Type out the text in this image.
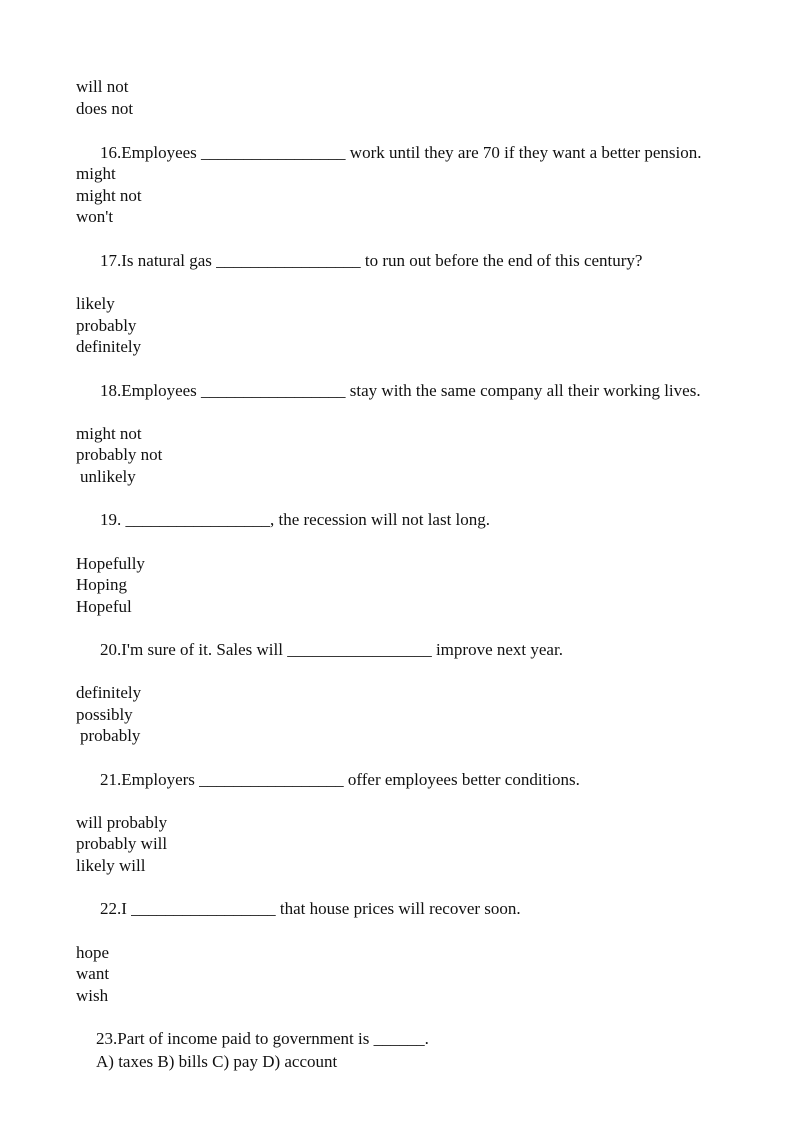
will not
does not
16.Employees _________________ work until they are 70 if they want a better pension.
might
might not
won't
17.Is natural gas _________________ to run out before the end of this century?
likely
probably
definitely
18.Employees _________________ stay with the same company all their working lives.
might not
probably not
unlikely
19. _________________, the recession will not last long.
Hopefully
Hoping
Hopeful
20.I'm sure of it. Sales will _________________ improve next year.
definitely
possibly
probably
21.Employers _________________ offer employees better conditions.
will probably
probably will
likely will
22.I _________________ that house prices will recover soon.
hope
want
wish
23.Part of income paid to government is ______.
A) taxes B) bills C) pay D) account
